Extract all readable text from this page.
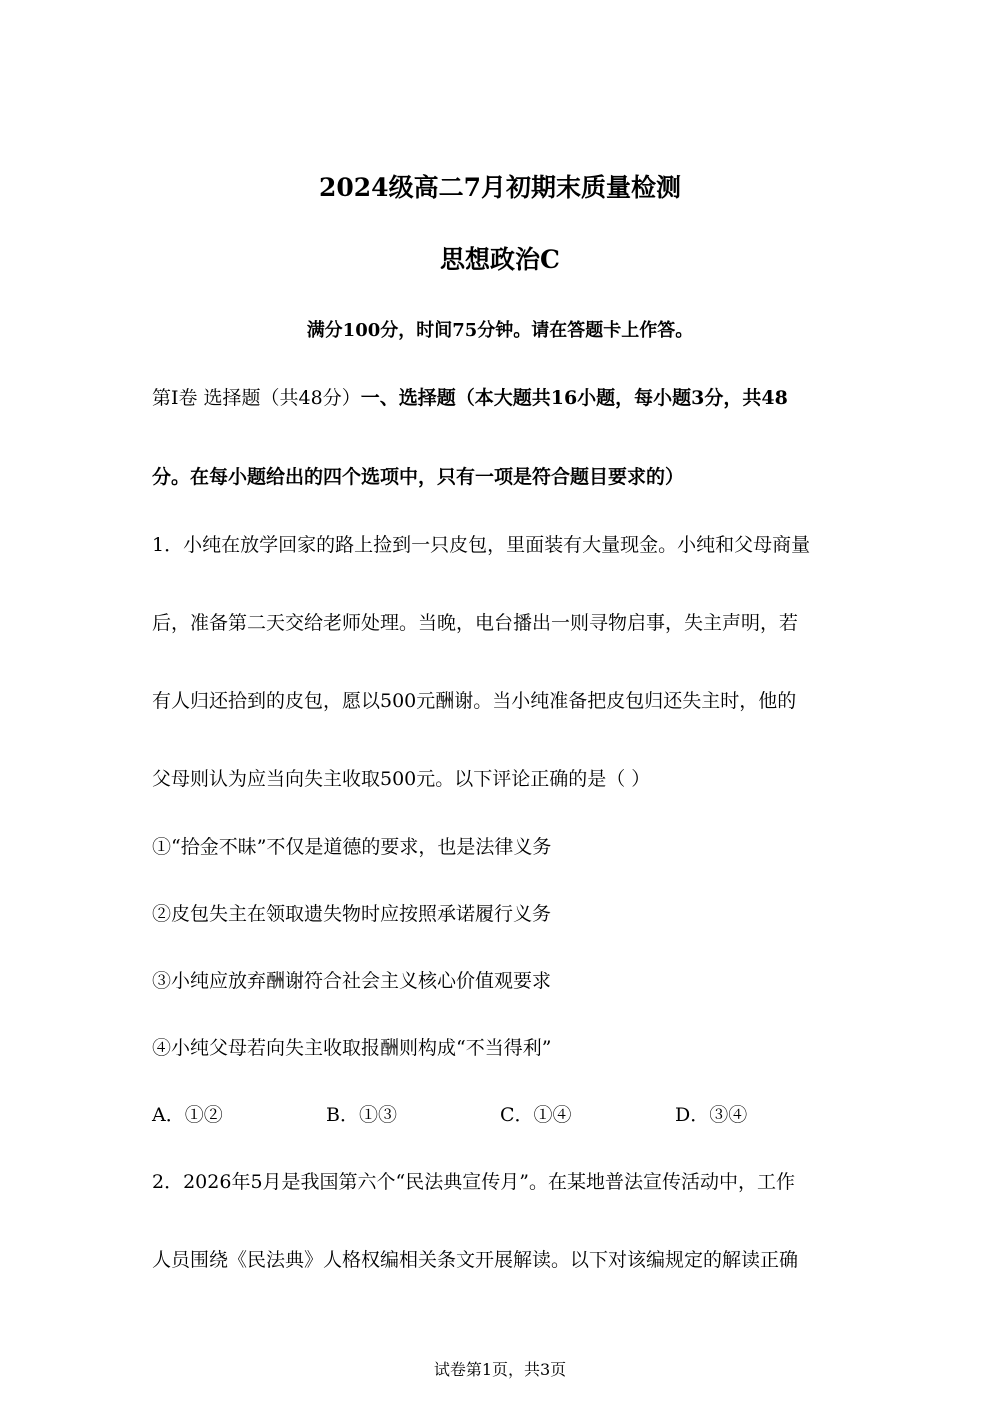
2024级高二7月初期末质量检测
思想政治C
满分100分，时间75分钟。请在答题卡上作答。
第Ⅰ卷 选择题（共48分）一、选择题（本大题共16小题，每小题3分，共48
分。在每小题给出的四个选项中，只有一项是符合题目要求的）
1．小纯在放学回家的路上捡到一只皮包，里面装有大量现金。小纯和父母商量
后，准备第二天交给老师处理。当晚，电台播出一则寻物启事，失主声明，若
有人归还拾到的皮包，愿以500元酬谢。当小纯准备把皮包归还失主时，他的
父母则认为应当向失主收取500元。以下评论正确的是（ ）
①“拾金不昧”不仅是道德的要求，也是法律义务
②皮包失主在领取遗失物时应按照承诺履行义务
③小纯应放弃酬谢符合社会主义核心价值观要求
④小纯父母若向失主收取报酬则构成“不当得利”
A．①②	B．①③	C．①④	D．③④
2．2026年5月是我国第六个“民法典宣传月”。在某地普法宣传活动中，工作
人员围绕《民法典》人格权编相关条文开展解读。以下对该编规定的解读正确
试卷第1页，共3页
